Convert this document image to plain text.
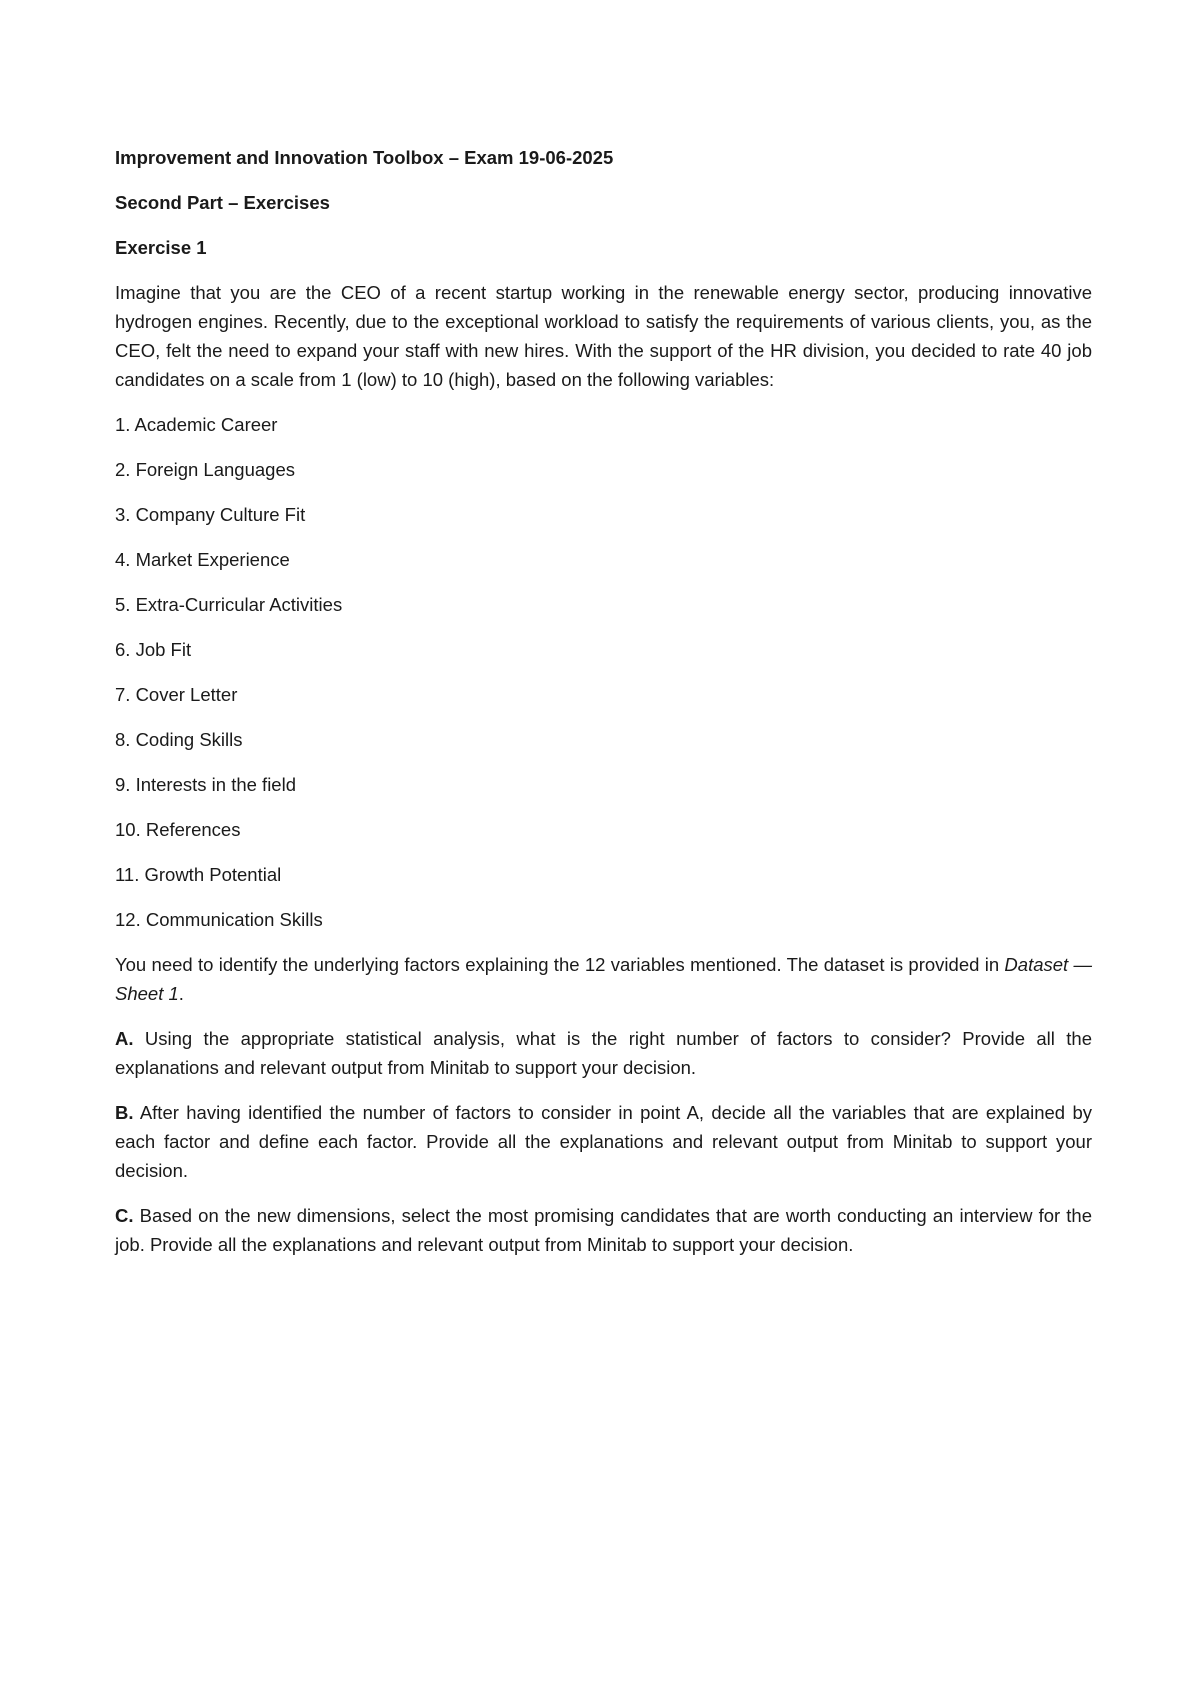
Improvement and Innovation Toolbox – Exam 19-06-2025

Second Part – Exercises

Exercise 1

Imagine that you are the CEO of a recent startup working in the renewable energy sector, producing innovative hydrogen engines. Recently, due to the exceptional workload to satisfy the requirements of various clients, you, as the CEO, felt the need to expand your staff with new hires. With the support of the HR division, you decided to rate 40 job candidates on a scale from 1 (low) to 10 (high), based on the following variables:

1. Academic Career
2. Foreign Languages
3. Company Culture Fit
4. Market Experience
5. Extra-Curricular Activities
6. Job Fit
7. Cover Letter
8. Coding Skills
9. Interests in the field
10. References
11. Growth Potential
12. Communication Skills

You need to identify the underlying factors explaining the 12 variables mentioned. The dataset is provided in Dataset — Sheet 1.

A. Using the appropriate statistical analysis, what is the right number of factors to consider? Provide all the explanations and relevant output from Minitab to support your decision.

B. After having identified the number of factors to consider in point A, decide all the variables that are explained by each factor and define each factor. Provide all the explanations and relevant output from Minitab to support your decision.

C. Based on the new dimensions, select the most promising candidates that are worth conducting an interview for the job. Provide all the explanations and relevant output from Minitab to support your decision.
